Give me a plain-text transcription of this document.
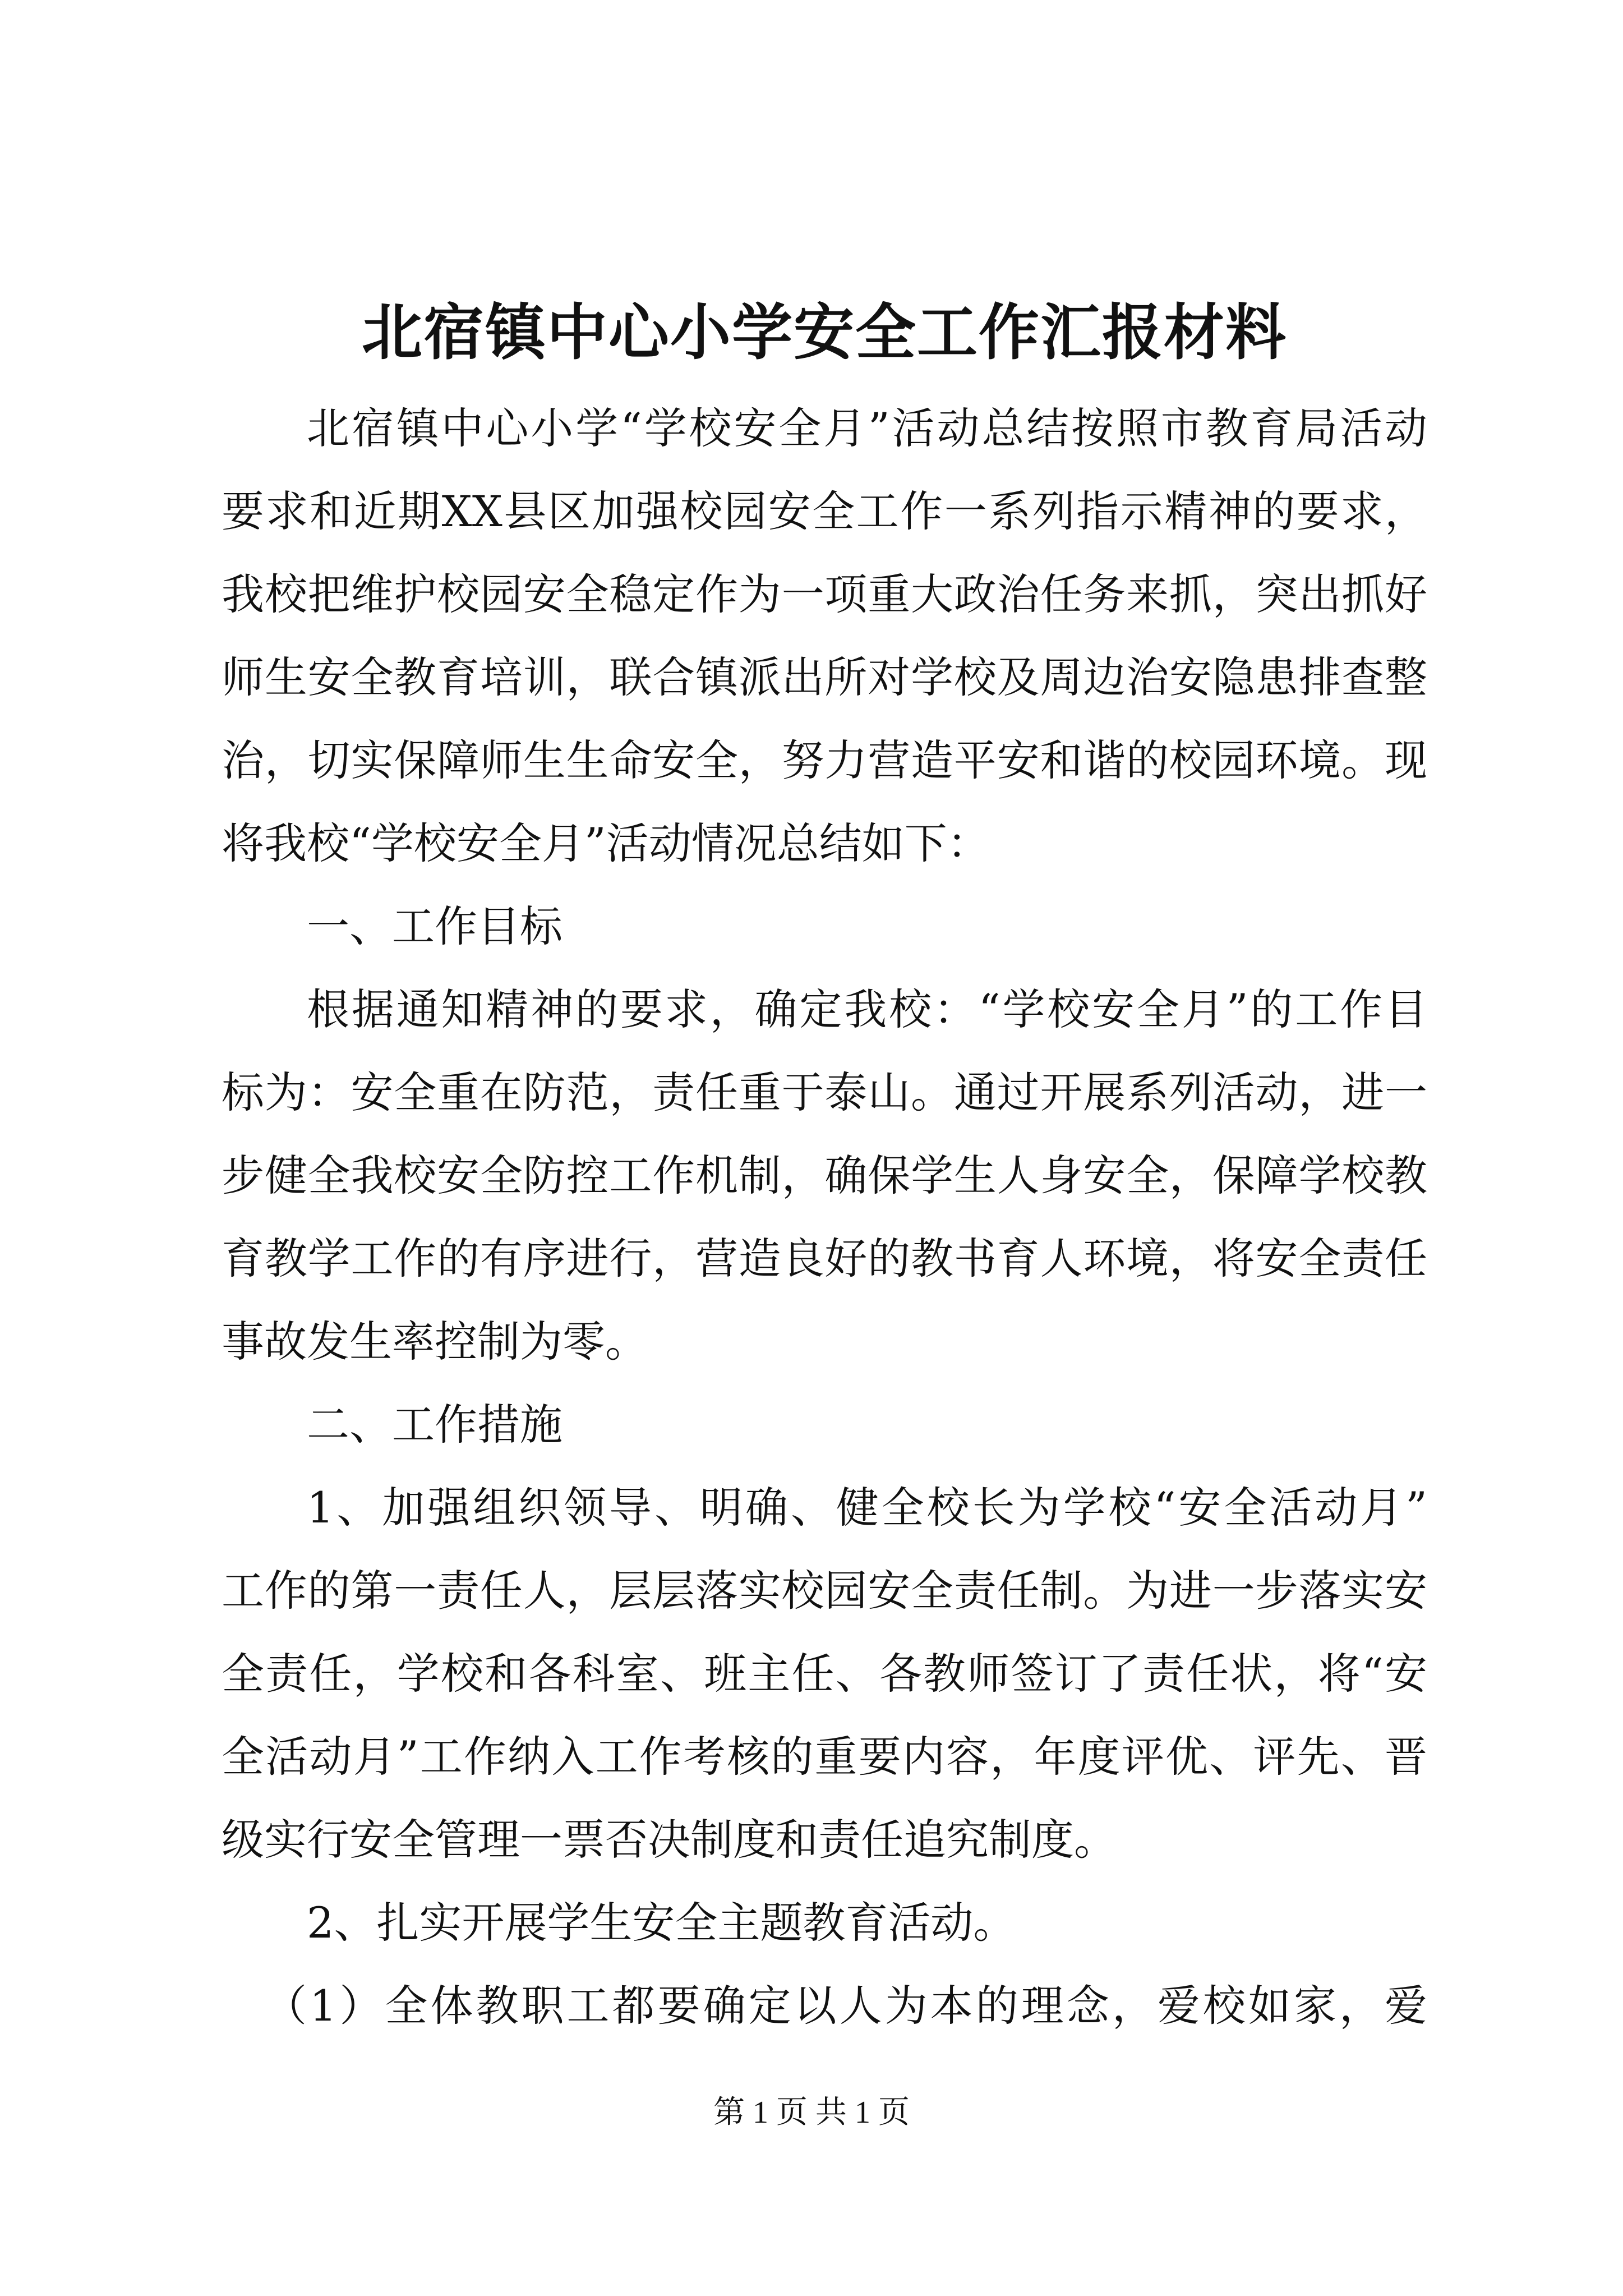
北宿镇中心小学安全工作汇报材料
北宿镇中心小学“学校安全月”活动总结按照市教育局活动
要求和近期XX县区加强校园安全工作一系列指示精神的要求，
我校把维护校园安全稳定作为一项重大政治任务来抓，突出抓好
师生安全教育培训，联合镇派出所对学校及周边治安隐患排查整
治，切实保障师生生命安全，努力营造平安和谐的校园环境。现
将我校“学校安全月”活动情况总结如下：
一、工作目标
根据通知精神的要求，确定我校：“学校安全月”的工作目
标为：安全重在防范，责任重于泰山。通过开展系列活动，进一
步健全我校安全防控工作机制，确保学生人身安全，保障学校教
育教学工作的有序进行，营造良好的教书育人环境，将安全责任
事故发生率控制为零。
二、工作措施
1、加强组织领导、明确、健全校长为学校“安全活动月”
工作的第一责任人，层层落实校园安全责任制。为进一步落实安
全责任，学校和各科室、班主任、各教师签订了责任状，将“安
全活动月”工作纳入工作考核的重要内容，年度评优、评先、晋
级实行安全管理一票否决制度和责任追究制度。
2、扎实开展学生安全主题教育活动。
（1）全体教职工都要确定以人为本的理念，爱校如家，爱
第 1 页 共 1 页
